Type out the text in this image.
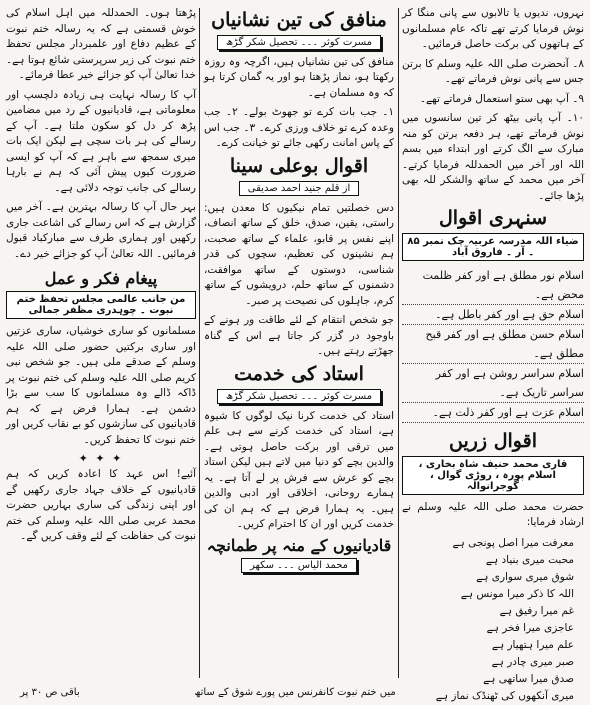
نہروں، ندیوں یا تالابوں سے پانی منگا کر نوش فرمایا کرتے تھے تاکہ عام مسلمانوں کے ہاتھوں کی برکت حاصل فرمائیں۔

۸۔ آنحضرت صلی اللہ علیہ وسلم کا برتن جس سے پانی نوش فرماتے تھے۔

۹۔ آپ بھی ستو استعمال فرماتے تھے۔

۱۰۔ آپ پانی بیٹھ کر تین سانسوں میں نوش فرماتے تھے، ہر دفعہ برتن کو منہ مبارک سے الگ کرتے اور ابتداء میں بسم اللہ اور آخر میں الحمدللہ فرمایا کرتے۔ آخر میں محمد کے ساتھ والشکر للہ بھی پڑھا جائے۔

سنہری اقوال
ضیاء اللہ مدرسہ عربیہ چک نمبر ۸۵ ۔ آر ۔ فاروق آباد
اسلام نور مطلق ہے اور کفر ظلمت محض ہے۔
اسلام حق ہے اور کفر باطل ہے۔
اسلام حسن مطلق ہے اور کفر قبح مطلق ہے۔
اسلام سراسر روشن ہے اور کفر سراسر تاریک ہے۔
اسلام عزت ہے اور کفر ذلت ہے۔
اقوال زریں
قاری محمد حنیف شاہ بخاری ، اسلام پورہ ، روڑی گوال ، گوجرانوالہ

حضرت محمد صلی اللہ علیہ وسلم نے ارشاد فرمایا:

معرفت میرا اصل پونجی ہے
محبت میری بنیاد ہے
شوق میری سواری ہے
اللہ کا ذکر میرا مونس ہے
غم میرا رفیق ہے
عاجزی میرا فخر ہے
علم میرا ہتھیار ہے
صبر میری چادر ہے
صدق میرا ساتھی ہے
میری آنکھوں کی ٹھنڈک نماز ہے
منافق کی تین نشانیاں
مسرت کوثر ۔۔۔ تحصیل شکر گڑھ

منافق کی تین نشانیاں ہیں، اگرچہ وہ روزہ رکھتا ہو، نماز پڑھتا ہو اور یہ گمان کرتا ہو کہ وہ مسلمان ہے۔

۱۔ جب بات کرے تو جھوٹ بولے۔ ۲۔ جب وعدہ کرے تو خلاف ورزی کرے۔ ۳۔ جب اس کے پاس امانت رکھی جائے تو خیانت کرے۔

اقوال بوعلی سینا
از قلم جنید احمد صدیقی

دس خصلتیں تمام نیکیوں کا معدن ہیں: راستی، یقین، صدق، خلق کے ساتھ انصاف، اپنے نفس پر قابو، علماء کے ساتھ صحبت، ہم نشینوں کی تعظیم، سچوں کی قدر شناسی، دوستوں کے ساتھ موافقت، دشمنوں کے ساتھ حلم، درویشوں کے ساتھ کرم، جاہلوں کی نصیحت پر صبر۔

جو شخص انتقام کے لئے طاقت ور ہونے کے باوجود در گزر کر جاتا ہے اس کے گناہ جھڑتے رہتے ہیں۔

استاد کی خدمت
مسرت کوثر ۔۔۔ تحصیل شکر گڑھ

استاد کی خدمت کرنا نیک لوگوں کا شیوہ ہے، استاد کی خدمت کرنے سے ہی علم میں ترقی اور برکت حاصل ہوتی ہے۔ والدین بچے کو دنیا میں لاتے ہیں لیکن استاد بچے کو عرش سے فرش پر لے آتا ہے۔ یہ ہمارے روحانی، اخلاقی اور ادبی والدین ہیں۔ یہ ہمارا فرض ہے کہ ہم ان کی خدمت کریں اور ان کا احترام کریں۔

قادیانیوں کے منہ پر طمانچہ
محمد الیاس ۔۔۔ سکھر

پڑھتا ہوں۔ الحمدللہ میں اہل اسلام کی خوش قسمتی ہے کہ یہ رسالہ ختم نبوت کے عظیم دفاع اور علمبردار مجلس تحفظ ختم نبوت کی زیر سرپرستی شائع ہوتا ہے۔ خدا تعالیٰ آپ کو جزائے خیر عطا فرمائے۔

آپ کا رسالہ نہایت ہی زیادہ دلچسپ اور معلوماتی ہے، قادیانیوں کے رد میں مضامین پڑھ کر دل کو سکون ملتا ہے۔ آپ کے رسالے کی ہر بات سچی ہے لیکن ایک بات میری سمجھ سے باہر ہے کہ آپ کو ایسی ضرورت کیوں پیش آئی کہ ہم نے بارہا رسالے کی جانب توجہ دلائی ہے۔

بہر حال آپ کا رسالہ بہترین ہے۔ آخر میں گزارش ہے کہ اس رسالے کی اشاعت جاری رکھیں اور ہماری طرف سے مبارکباد قبول فرمائیں۔ اللہ تعالیٰ آپ کو جزائے خیر دے۔

پیغام فکر و عمل
من جانب عالمی مجلس تحفظ ختم نبوت ۔ چوہدری مظفر جمالی

مسلمانوں کو ساری خوشیاں، ساری عزتیں اور ساری برکتیں حضور صلی اللہ علیہ وسلم کے صدقے ملی ہیں۔ جو شخص نبی کریم صلی اللہ علیہ وسلم کی ختم نبوت پر ڈاکہ ڈالے وہ مسلمانوں کا سب سے بڑا دشمن ہے۔ ہمارا فرض ہے کہ ہم قادیانیوں کی سازشوں کو بے نقاب کریں اور ختم نبوت کا تحفظ کریں۔

✦ ✦ ✦

آئیے! اس عہد کا اعادہ کریں کہ ہم قادیانیوں کے خلاف جہاد جاری رکھیں گے اور اپنی زندگی کی ساری بہاریں حضرت محمد عربی صلی اللہ علیہ وسلم کی ختم نبوت کی حفاظت کے لئے وقف کریں گے۔

میں ختم نبوت کانفرنس میں پورے شوق کے ساتھ
باقی ص ۳۰ پر
